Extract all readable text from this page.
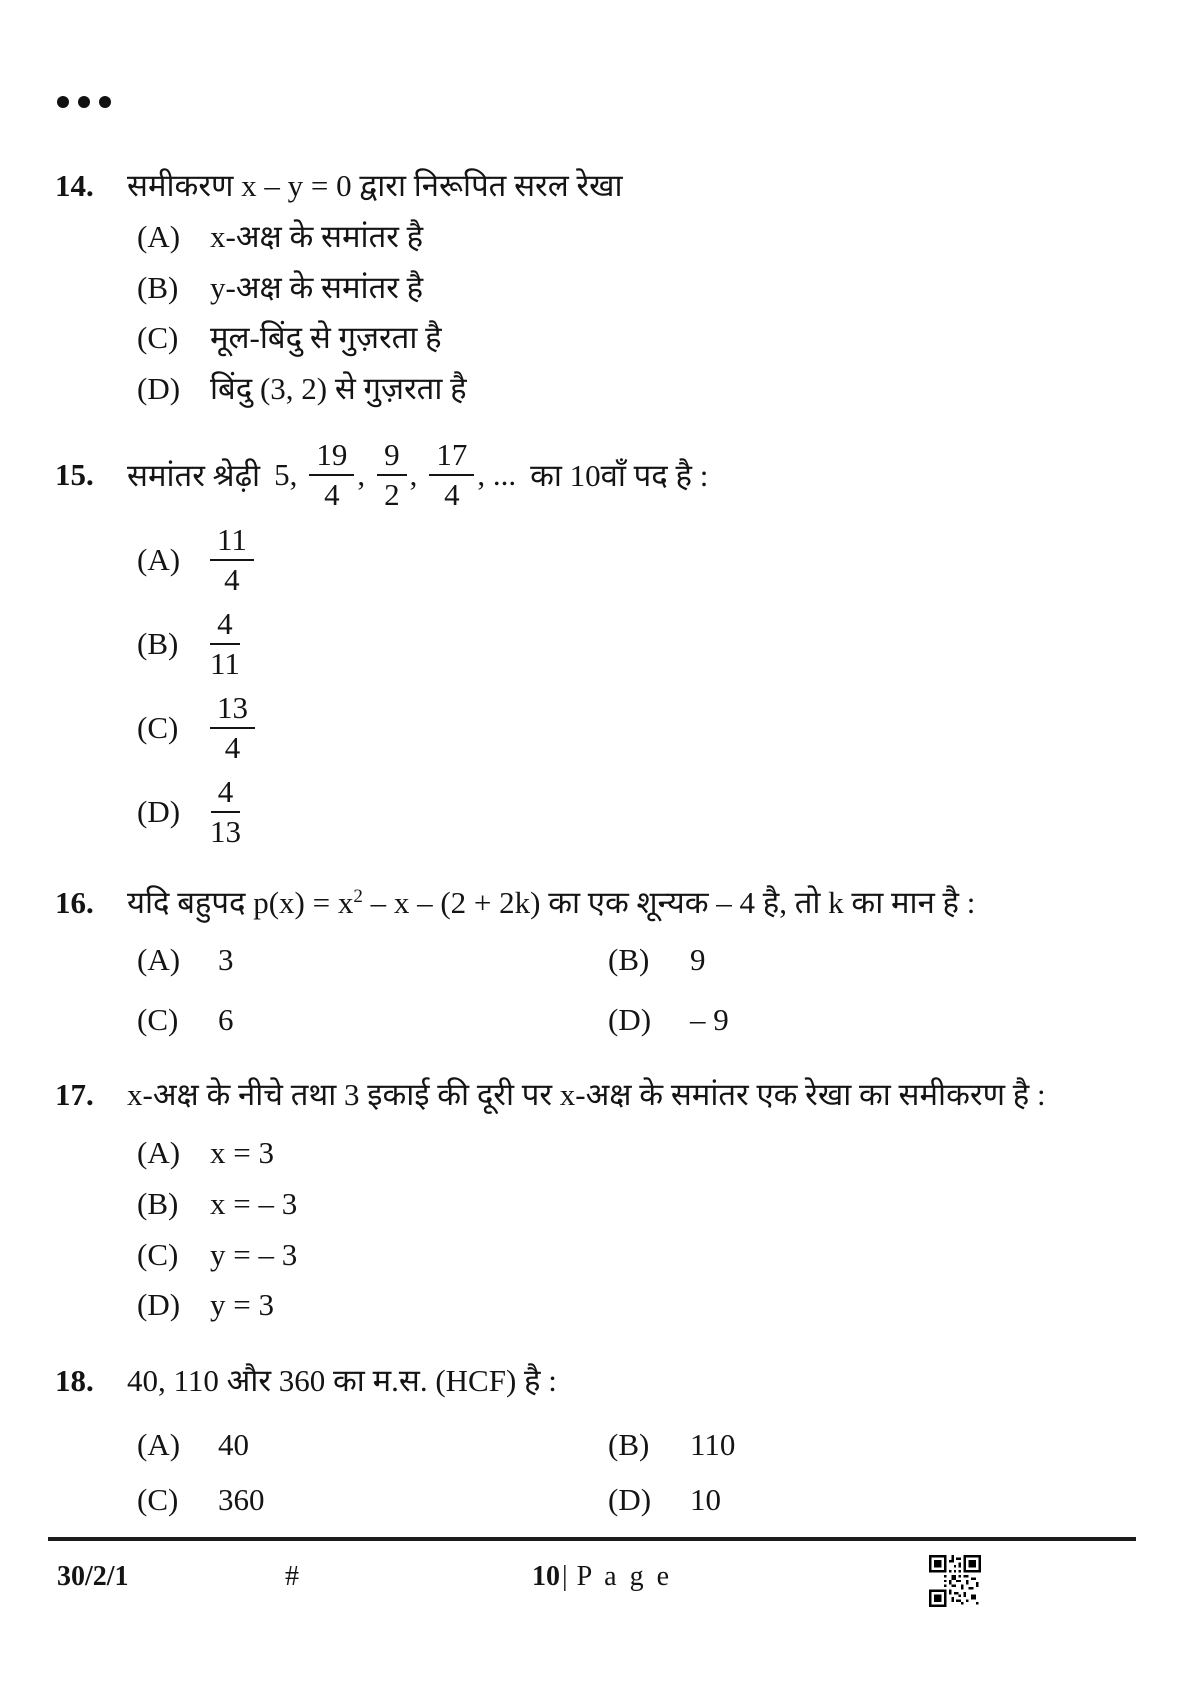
14. समीकरण x – y = 0 द्वारा निरूपित सरल रेखा
(A) x-अक्ष के समांतर है
(B) y-अक्ष के समांतर है
(C) मूल-बिंदु से गुज़रता है
(D) बिंदु (3, 2) से गुज़रता है
15. समांतर श्रेढ़ी 5, $\frac{19}{4}$ , $\frac{9}{2}$ , $\frac{17}{4}$ , ... का 10वाँ पद है :
$(A) \frac{11}{4}$
$(B) \frac{4}{11}$
$(C) \frac{13}{4}$
$(D) \frac{4}{13}$
16. यदि बहुपद $p(x) = x^2 - x - (2 + 2k)$ का एक शून्यक – 4 है, तो k का मान है :
(A) 3	(B) 9
(C) 6	(D) – 9
17. x-अक्ष के नीचे तथा 3 इकाई की दूरी पर x-अक्ष के समांतर एक रेखा का समीकरण है :
(A) x = 3
(B) x = – 3
(C) y = – 3
(D) y = 3
18. 40, 110 और 360 का म.स. (HCF) है :
(A) 40	(B) 110
(C) 360	(D) 10
30/2/1	#	10| P a g e
